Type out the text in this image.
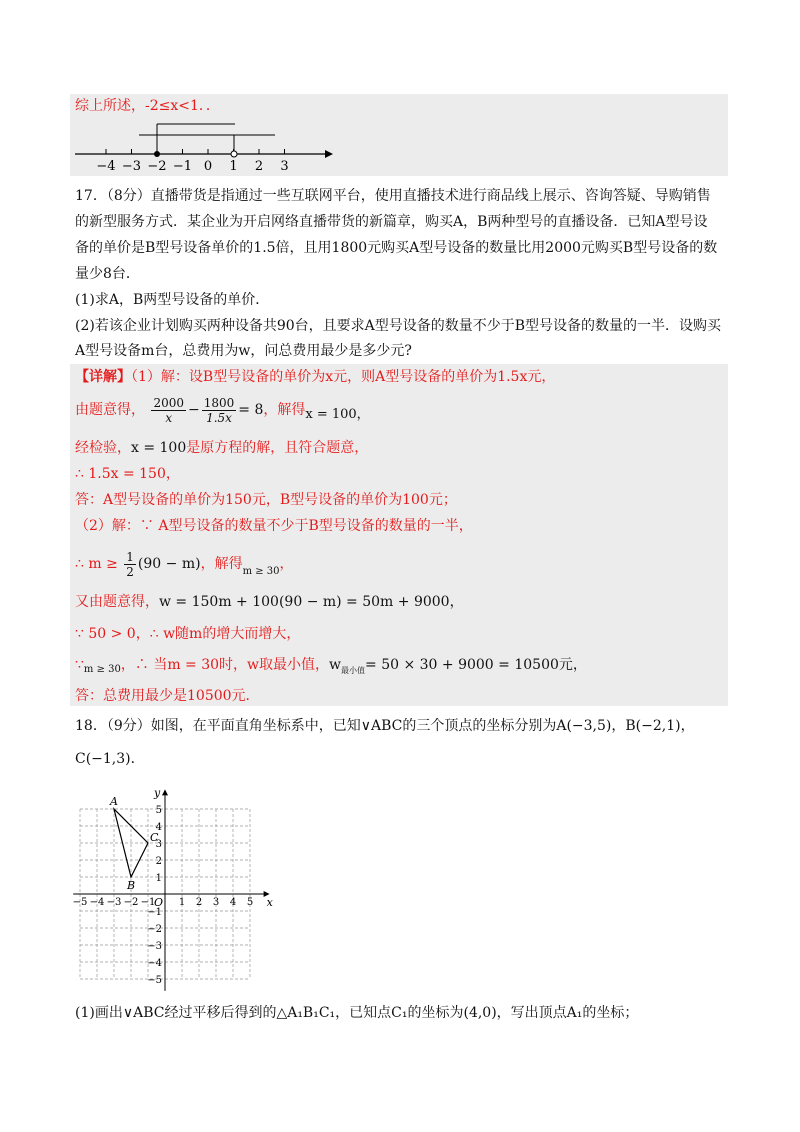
综上所述，-2≤x<1．．
−4 −3 −2 −1 0 1 2 3
17．（8分）直播带货是指通过一些互联网平台，使用直播技术进行商品线上展示、咨询答疑、导购销售
的新型服务方式．某企业为开启网络直播带货的新篇章，购买A，B两种型号的直播设备．已知A型号设
备的单价是B型号设备单价的1.5倍，且用1800元购买A型号设备的数量比用2000元购买B型号设备的数
量少8台．
(1)求A，B两型号设备的单价．
(2)若该企业计划购买两种设备共90台，且要求A型号设备的数量不少于B型号设备的数量的一半．设购买
A型号设备m台，总费用为w，问总费用最少是多少元?
【详解】（1）解：设B型号设备的单价为x元，则A型号设备的单价为1.5x元，
由题意得， $\frac{2000}{x} - \frac{1800}{1.5x} = 8$，解得x = 100，
经检验，x = 100是原方程的解，且符合题意，
∴ 1.5x = 150，
答：A型号设备的单价为150元，B型号设备的单价为100元；
（2）解：∵ A型号设备的数量不少于B型号设备的数量的一半，
∴ $m \ge \frac{1}{2} (90 - m)$，解得$_{m \ge 30}$，
又由题意得，w = 150m + 100(90 − m) = 50m + 9000，
∵ 50 > 0，∴ w随m的增大而增大，
$\because_{m \ge 30}$，∴ 当m = 30时，w取最小值，$w_{最小值}= 50 \times 30 + 9000 = 10500$元，
答：总费用最少是10500元．
18．（9分）如图，在平面直角坐标系中，已知∨ABC的三个顶点的坐标分别为A(−3,5)，B(−2,1)，
C(−1,3)．
−5 −4 −3 −2 −1 1 2 3 4 5
5
4
3
2
1
−1
−2
−3
−4
−5
x
y
O
A
B
C
(1)画出∨ABC经过平移后得到的△A₁B₁C₁，已知点C₁的坐标为(4,0)，写出顶点A₁的坐标；
